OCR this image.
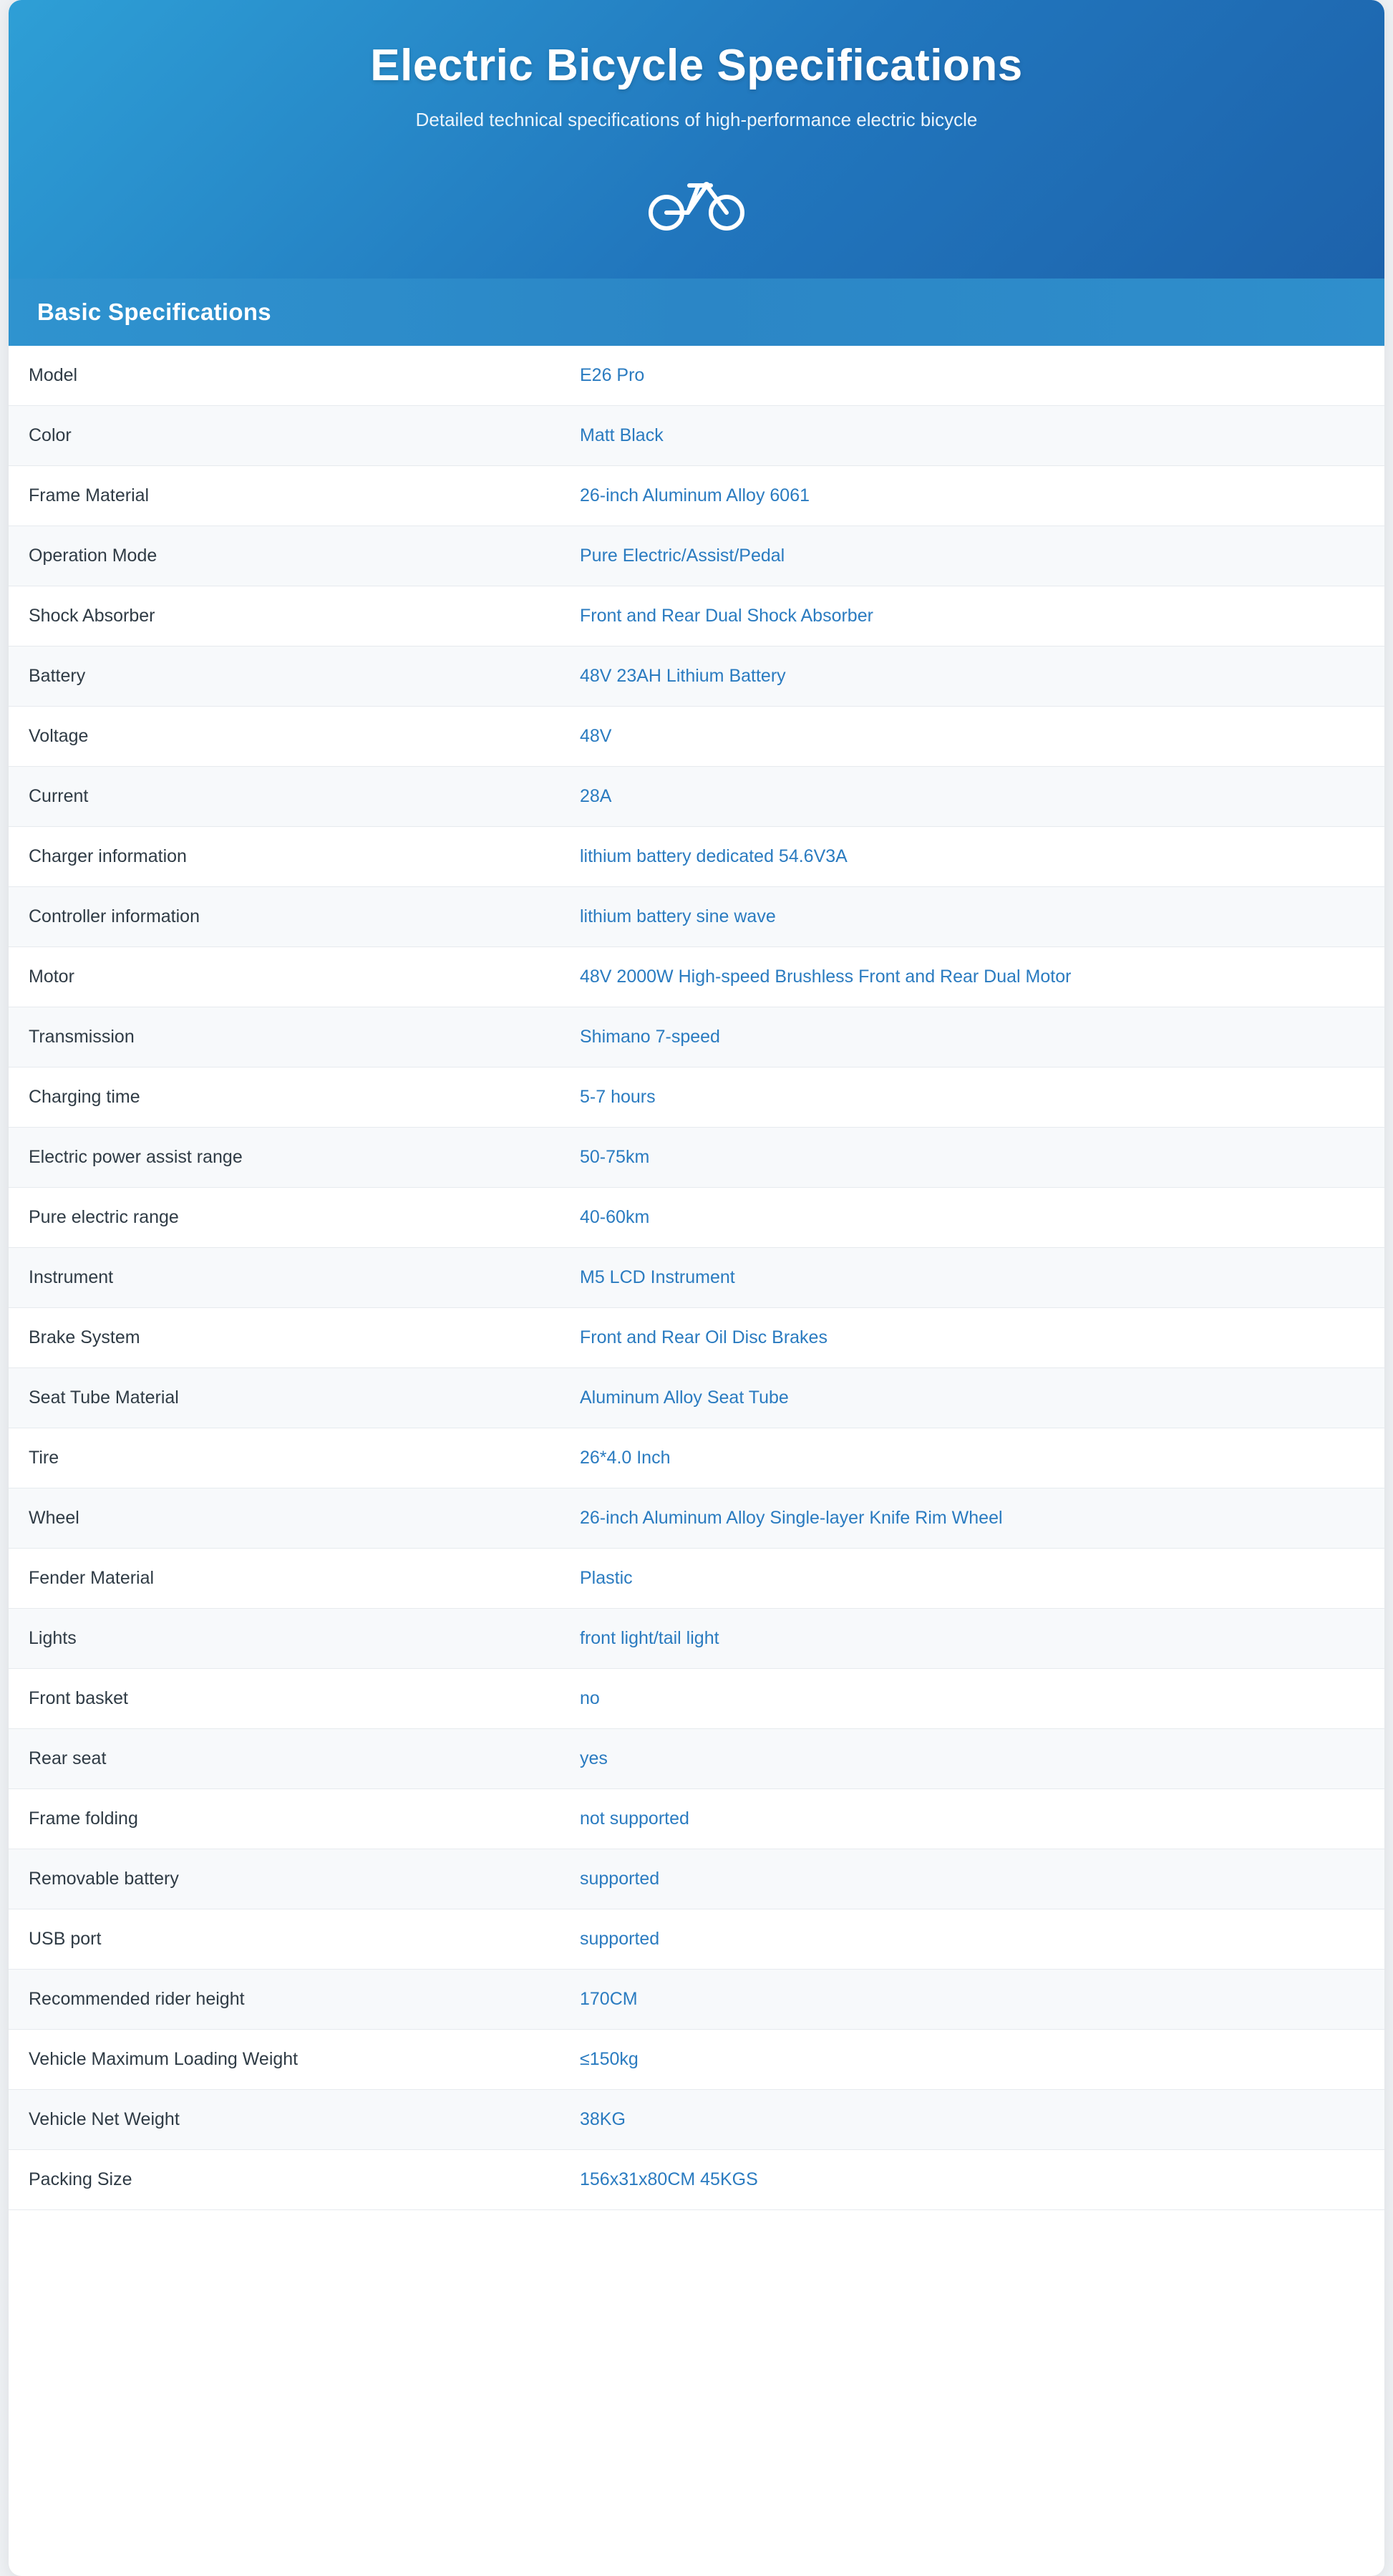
Electric Bicycle Specifications

Detailed technical specifications of high-performance electric bicycle

Basic Specifications
Model	E26 Pro
Color	Matt Black
Frame Material	26-inch Aluminum Alloy 6061
Operation Mode	Pure Electric/Assist/Pedal
Shock Absorber	Front and Rear Dual Shock Absorber
Battery	48V 23AH Lithium Battery
Voltage	48V
Current	28A
Charger information	lithium battery dedicated 54.6V3A
Controller information	lithium battery sine wave
Motor	48V 2000W High-speed Brushless Front and Rear Dual Motor
Transmission	Shimano 7-speed
Charging time	5-7 hours
Electric power assist range	50-75km
Pure electric range	40-60km
Instrument	M5 LCD Instrument
Brake System	Front and Rear Oil Disc Brakes
Seat Tube Material	Aluminum Alloy Seat Tube
Tire	26*4.0 Inch
Wheel	26-inch Aluminum Alloy Single-layer Knife Rim Wheel
Fender Material	Plastic
Lights	front light/tail light
Front basket	no
Rear seat	yes
Frame folding	not supported
Removable battery	supported
USB port	supported
Recommended rider height	170CM
Vehicle Maximum Loading Weight	≤150kg
Vehicle Net Weight	38KG
Packing Size	156x31x80CM 45KGS
